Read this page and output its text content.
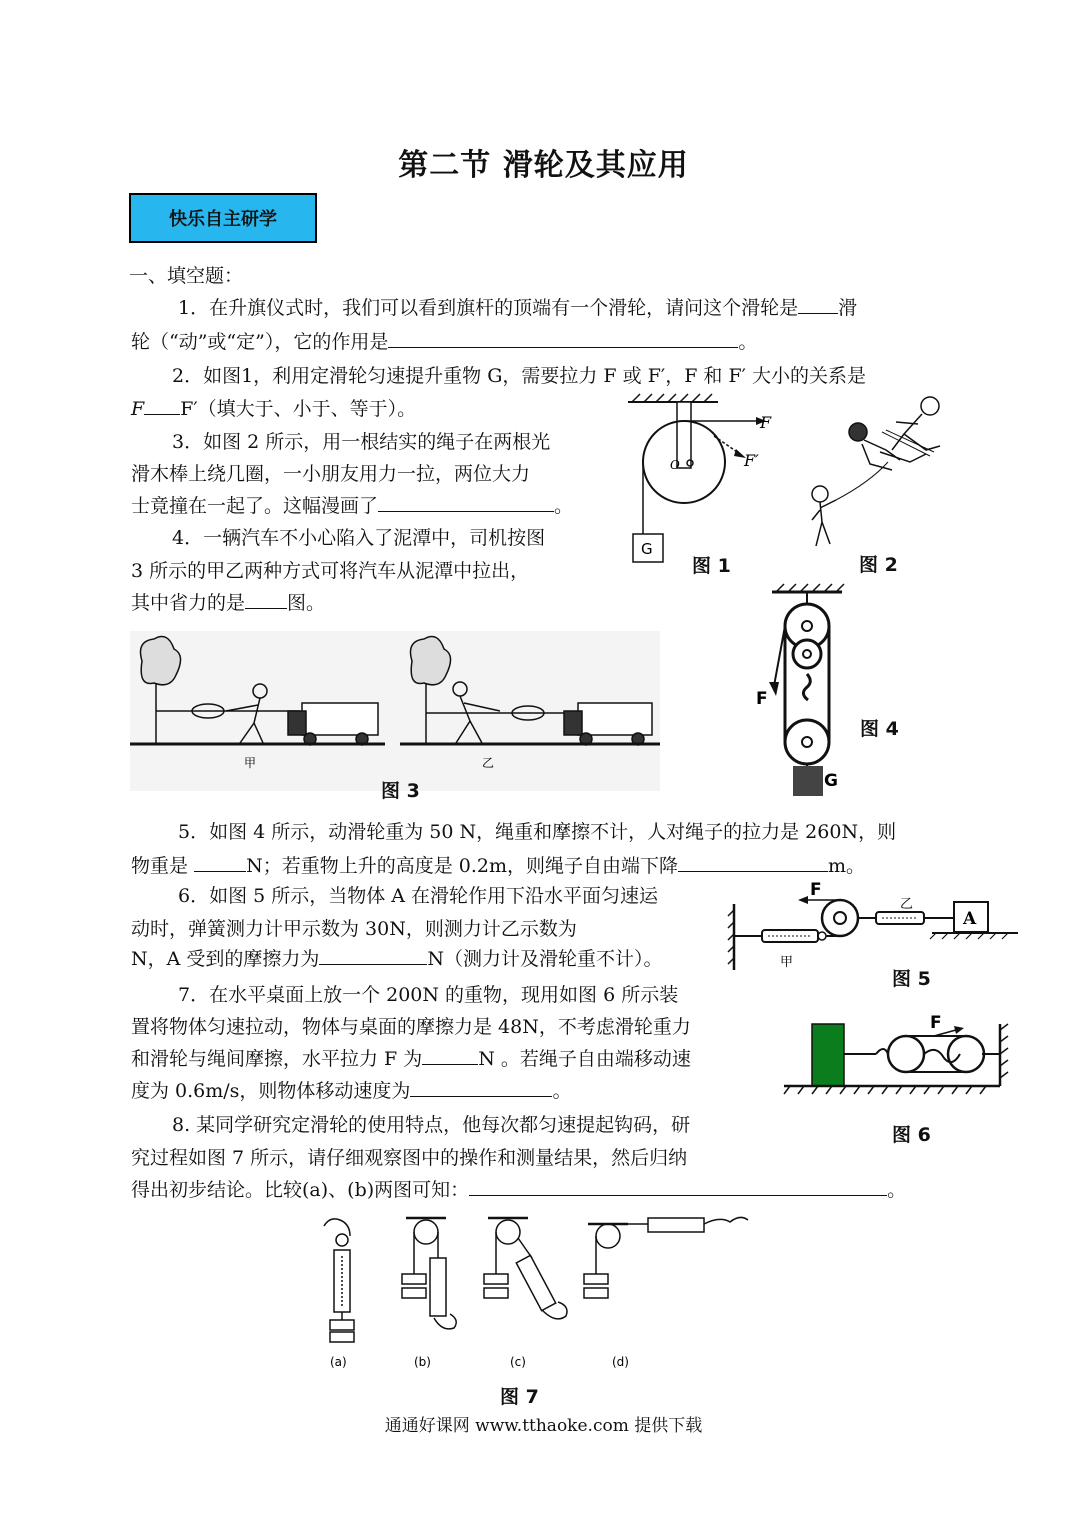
第二节 滑轮及其应用
快乐自主研学
一、填空题：
1．在升旗仪式时，我们可以看到旗杆的顶端有一个滑轮，请问这个滑轮是 滑
轮（“动”或“定”），它的作用是	。
2．如图1，利用定滑轮匀速提升重物 G，需要拉力 F 或 F′，F 和 F′ 大小的关系是
F F′（填大于、小于、等于）。
3．如图 2 所示，用一根结实的绳子在两根光
滑木棒上绕几圈，一小朋友用力一拉，两位大力
士竟撞在一起了。这幅漫画了	。
4．一辆汽车不小心陷入了泥潭中，司机按图
3 所示的甲乙两种方式可将汽车从泥潭中拉出，
其中省力的是 图。
O
F
F′
G
图 1	图 2
甲	乙
图 3
F
G
图 4
5．如图 4 所示，动滑轮重为 50 N，绳重和摩擦不计，人对绳子的拉力是 260N，则
物重是	N；若重物上升的高度是 0.2m，则绳子自由端下降	m。
6．如图 5 所示，当物体 A 在滑轮作用下沿水平面匀速运
动时，弹簧测力计甲示数为 30N，则测力计乙示数为
N，A 受到的摩擦力为	N（测力计及滑轮重不计）。
F
乙
A
甲
图 5
7．在水平桌面上放一个 200N 的重物，现用如图 6 所示装
置将物体匀速拉动，物体与桌面的摩擦力是 48N，不考虑滑轮重力
和滑轮与绳间摩擦，水平拉力 F 为	N 。若绳子自由端移动速
度为 0.6m/s，则物体移动速度为	。
F
图 6
8. 某同学研究定滑轮的使用特点，他每次都匀速提起钩码，研
究过程如图 7 所示，请仔细观察图中的操作和测量结果，然后归纳
得出初步结论。比较(a)、(b)两图可知：	。
(a)	(b)	(c)	(d)
图 7
通通好课网 www.tthaoke.com 提供下载
